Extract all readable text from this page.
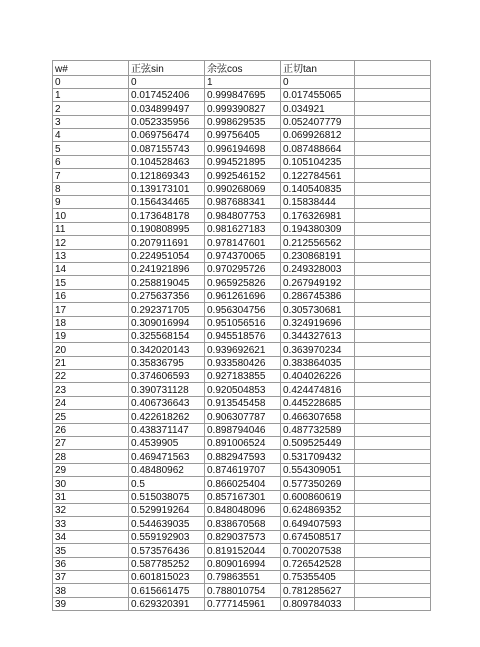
w#	正弦sin	余弦cos	正切tan	
0	0	1	0	
1	0.017452406	0.999847695	0.017455065	
2	0.034899497	0.999390827	0.034921	
3	0.052335956	0.998629535	0.052407779	
4	0.069756474	0.99756405	0.069926812	
5	0.087155743	0.996194698	0.087488664	
6	0.104528463	0.994521895	0.105104235	
7	0.121869343	0.992546152	0.122784561	
8	0.139173101	0.990268069	0.140540835	
9	0.156434465	0.987688341	0.15838444	
10	0.173648178	0.984807753	0.176326981	
11	0.190808995	0.981627183	0.194380309	
12	0.207911691	0.978147601	0.212556562	
13	0.224951054	0.974370065	0.230868191	
14	0.241921896	0.970295726	0.249328003	
15	0.258819045	0.965925826	0.267949192	
16	0.275637356	0.961261696	0.286745386	
17	0.292371705	0.956304756	0.305730681	
18	0.309016994	0.951056516	0.324919696	
19	0.325568154	0.945518576	0.344327613	
20	0.342020143	0.939692621	0.363970234	
21	0.35836795	0.933580426	0.383864035	
22	0.374606593	0.927183855	0.404026226	
23	0.390731128	0.920504853	0.424474816	
24	0.406736643	0.913545458	0.445228685	
25	0.422618262	0.906307787	0.466307658	
26	0.438371147	0.898794046	0.487732589	
27	0.4539905	0.891006524	0.509525449	
28	0.469471563	0.882947593	0.531709432	
29	0.48480962	0.874619707	0.554309051	
30	0.5	0.866025404	0.577350269	
31	0.515038075	0.857167301	0.600860619	
32	0.529919264	0.848048096	0.624869352	
33	0.544639035	0.838670568	0.649407593	
34	0.559192903	0.829037573	0.674508517	
35	0.573576436	0.819152044	0.700207538	
36	0.587785252	0.809016994	0.726542528	
37	0.601815023	0.79863551	0.75355405	
38	0.615661475	0.788010754	0.781285627	
39	0.629320391	0.777145961	0.809784033	
